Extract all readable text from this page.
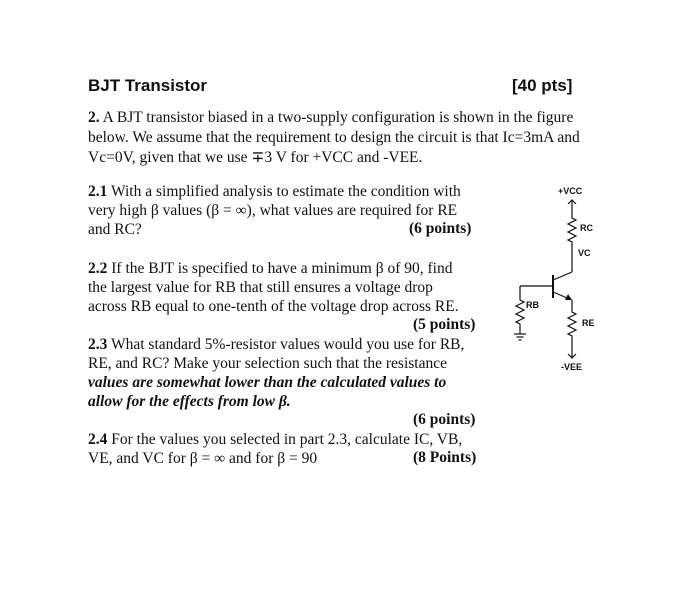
BJT Transistor	[40 pts]
2. A BJT transistor biased in a two-supply configuration is shown in the figure
below. We assume that the requirement to design the circuit is that Ic=3mA and
Vc=0V, given that we use ∓3 V for +VCC and -VEE.
2.1 With a simplified analysis to estimate the condition with
very high β values (β = ∞), what values are required for RE
and RC?	(6 points)
2.2 If the BJT is specified to have a minimum β of 90, find
the largest value for RB that still ensures a voltage drop
across RB equal to one-tenth of the voltage drop across RE.
(5 points)
2.3 What standard 5%-resistor values would you use for RB,
RE, and RC? Make your selection such that the resistance
values are somewhat lower than the calculated values to
allow for the effects from low β.
(6 points)
2.4 For the values you selected in part 2.3, calculate IC, VB,
VE, and VC for β = ∞ and for β = 90	(8 Points)
+VCC
RC
VC
RB
RE
-VEE
